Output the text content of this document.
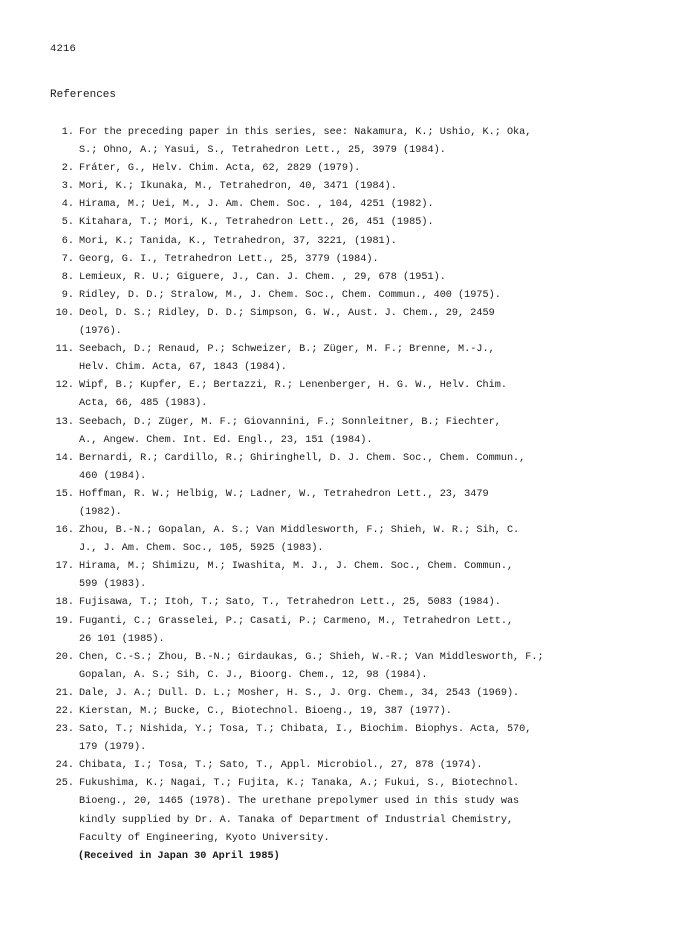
4216
References
1. For the preceding paper in this series, see: Nakamura, K.; Ushio, K.; Oka,
S.; Ohno, A.; Yasui, S., Tetrahedron Lett., 25, 3979 (1984).
2. Fráter, G., Helv. Chim. Acta, 62, 2829 (1979).
3. Mori, K.; Ikunaka, M., Tetrahedron, 40, 3471 (1984).
4. Hirama, M.; Uei, M., J. Am. Chem. Soc. , 104, 4251 (1982).
5. Kitahara, T.; Mori, K., Tetrahedron Lett., 26, 451 (1985).
6. Mori, K.; Tanida, K., Tetrahedron, 37, 3221, (1981).
7. Georg, G. I., Tetrahedron Lett., 25, 3779 (1984).
8. Lemieux, R. U.; Giguere, J., Can. J. Chem. , 29, 678 (1951).
9. Ridley, D. D.; Stralow, M., J. Chem. Soc., Chem. Commun., 400 (1975).
10. Deol, D. S.; Ridley, D. D.; Simpson, G. W., Aust. J. Chem., 29, 2459
(1976).
11. Seebach, D.; Renaud, P.; Schweizer, B.; Züger, M. F.; Brenne, M.-J.,
Helv. Chim. Acta, 67, 1843 (1984).
12. Wipf, B.; Kupfer, E.; Bertazzi, R.; Lenenberger, H. G. W., Helv. Chim.
Acta, 66, 485 (1983).
13. Seebach, D.; Züger, M. F.; Giovannini, F.; Sonnleitner, B.; Fiechter,
A., Angew. Chem. Int. Ed. Engl., 23, 151 (1984).
14. Bernardi, R.; Cardillo, R.; Ghiringhell, D. J. Chem. Soc., Chem. Commun.,
460 (1984).
15. Hoffman, R. W.; Helbig, W.; Ladner, W., Tetrahedron Lett., 23, 3479
(1982).
16. Zhou, B.-N.; Gopalan, A. S.; Van Middlesworth, F.; Shieh, W. R.; Sih, C.
J., J. Am. Chem. Soc., 105, 5925 (1983).
17. Hirama, M.; Shimizu, M.; Iwashita, M. J., J. Chem. Soc., Chem. Commun.,
599 (1983).
18. Fujisawa, T.; Itoh, T.; Sato, T., Tetrahedron Lett., 25, 5083 (1984).
19. Fuganti, C.; Grasselei, P.; Casati, P.; Carmeno, M., Tetrahedron Lett.,
26 101 (1985).
20. Chen, C.-S.; Zhou, B.-N.; Girdaukas, G.; Shieh, W.-R.; Van Middlesworth, F.;
Gopalan, A. S.; Sih, C. J., Bioorg. Chem., 12, 98 (1984).
21. Dale, J. A.; Dull. D. L.; Mosher, H. S., J. Org. Chem., 34, 2543 (1969).
22. Kierstan, M.; Bucke, C., Biotechnol. Bioeng., 19, 387 (1977).
23. Sato, T.; Nishida, Y.; Tosa, T.; Chibata, I., Biochim. Biophys. Acta, 570,
179 (1979).
24. Chibata, I.; Tosa, T.; Sato, T., Appl. Microbiol., 27, 878 (1974).
25. Fukushima, K.; Nagai, T.; Fujita, K.; Tanaka, A.; Fukui, S., Biotechnol.
Bioeng., 20, 1465 (1978). The urethane prepolymer used in this study was
kindly supplied by Dr. A. Tanaka of Department of Industrial Chemistry,
Faculty of Engineering, Kyoto University.
(Received in Japan 30 April 1985)
